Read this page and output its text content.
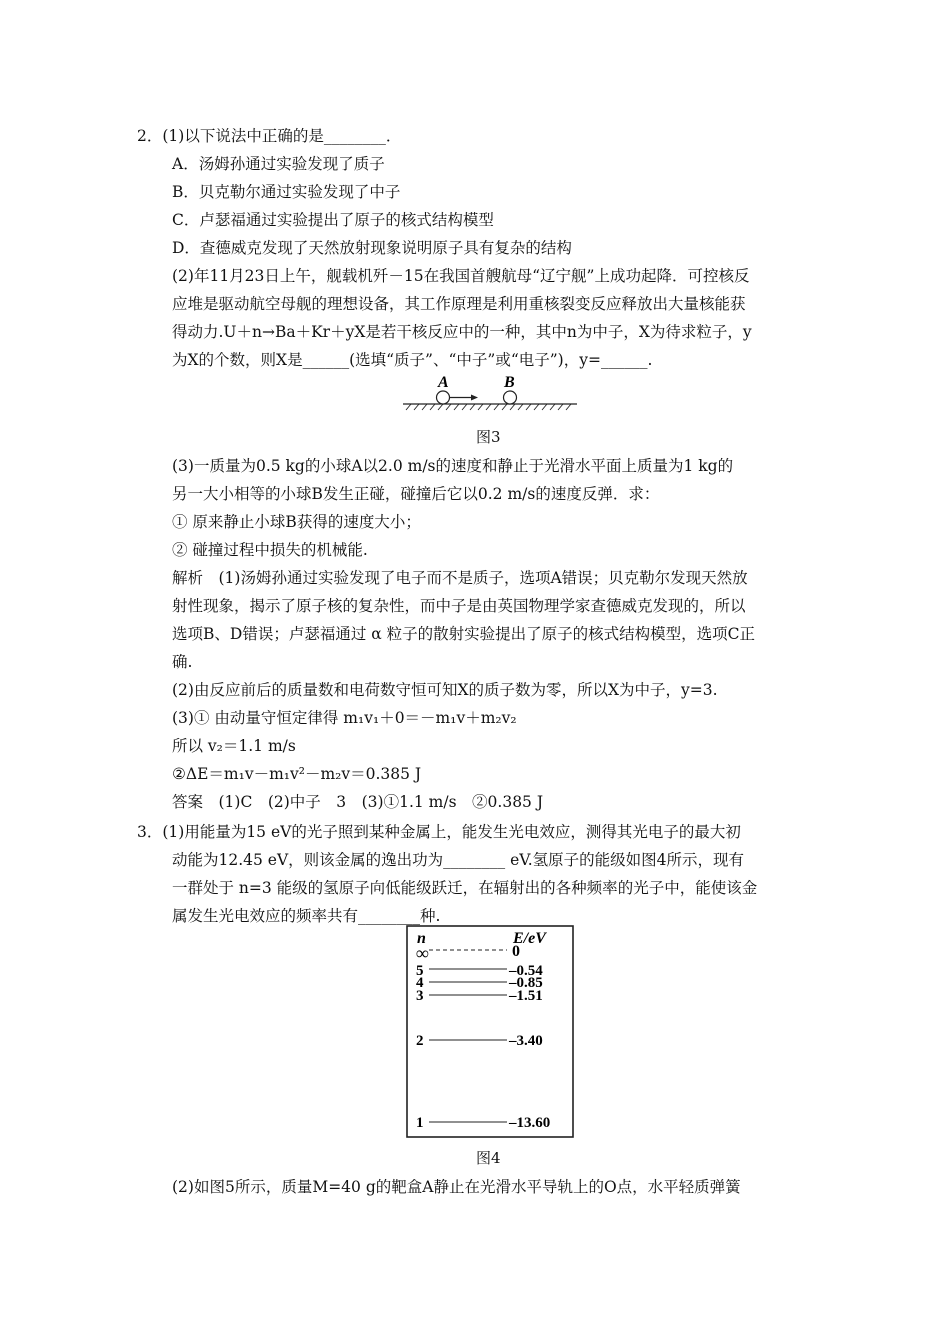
2．(1)以下说法中正确的是________．
A．汤姆孙通过实验发现了质子
B．贝克勒尔通过实验发现了中子
C．卢瑟福通过实验提出了原子的核式结构模型
D．查德威克发现了天然放射现象说明原子具有复杂的结构
(2)年11月23日上午，舰载机歼－15在我国首艘航母“辽宁舰”上成功起降．可控核反
应堆是驱动航空母舰的理想设备，其工作原理是利用重核裂变反应释放出大量核能获
得动力.U＋n→Ba＋Kr＋yX是若干核反应中的一种，其中n为中子，X为待求粒子，y
为X的个数，则X是______(选填“质子”、“中子”或“电子”)，y=______.
A	B
图3
(3)一质量为0.5 kg的小球A以2.0 m/s的速度和静止于光滑水平面上质量为1 kg的
另一大小相等的小球B发生正碰，碰撞后它以0.2 m/s的速度反弹．求：
① 原来静止小球B获得的速度大小；
② 碰撞过程中损失的机械能.
解析　(1)汤姆孙通过实验发现了电子而不是质子，选项A错误；贝克勒尔发现天然放
射性现象，揭示了原子核的复杂性，而中子是由英国物理学家查德威克发现的，所以
选项B、D错误；卢瑟福通过 α 粒子的散射实验提出了原子的核式结构模型，选项C正
确.
(2)由反应前后的质量数和电荷数守恒可知X的质子数为零，所以X为中子，y=3.
(3)① 由动量守恒定律得 m₁v₁＋0＝－m₁v＋m₂v₂
所以 v₂＝1.1 m/s
②ΔE＝m₁v－m₁v²－m₂v＝0.385 J
答案　(1)C　(2)中子　3　(3)①1.1 m/s　②0.385 J
3．(1)用能量为15 eV的光子照到某种金属上，能发生光电效应，测得其光电子的最大初
动能为12.45 eV，则该金属的逸出功为________ eV.氢原子的能级如图4所示，现有
一群处于 n=3 能级的氢原子向低能级跃迁，在辐射出的各种频率的光子中，能使该金
属发生光电效应的频率共有________种.
n	E/eV
∞	0
5	–0.54
4	–0.85
3	–1.51
2	–3.40
1	–13.60
图4
(2)如图5所示，质量M=40 g的靶盒A静止在光滑水平导轨上的O点，水平轻质弹簧
